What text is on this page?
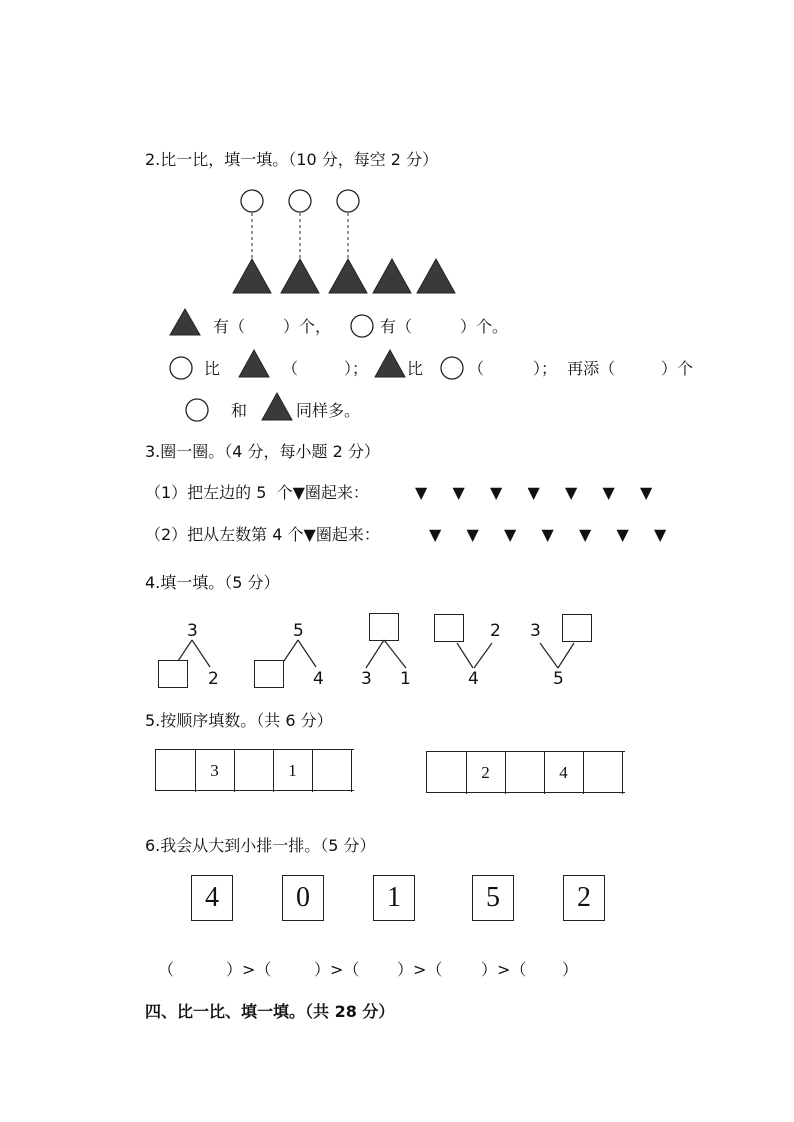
2.比一比，填一填。（10 分，每空 2 分）
有（ ）个，	有（	）个。
比	（	）； 比	（	）；  再添（	）个
和	同样多。
3.圈一圈。（4 分，每小题 2 分）
（1）把左边的 5  个▼圈起来：
（2）把从左数第 4 个▼圈起来：
▼ ▼ ▼ ▼ ▼ ▼ ▼
▼ ▼ ▼ ▼ ▼ ▼ ▼
4.填一填。（5 分）
3
2
5
4 3 1
2
4
3
5
5.按顺序填数。（共 6 分）
3	1	2	4
6.我会从大到小排一排。（5 分）
4	0	1	5	2
（	）>（	）>（ ）>（ ）>（ ）
四、比一比、填一填。（共 28 分）
